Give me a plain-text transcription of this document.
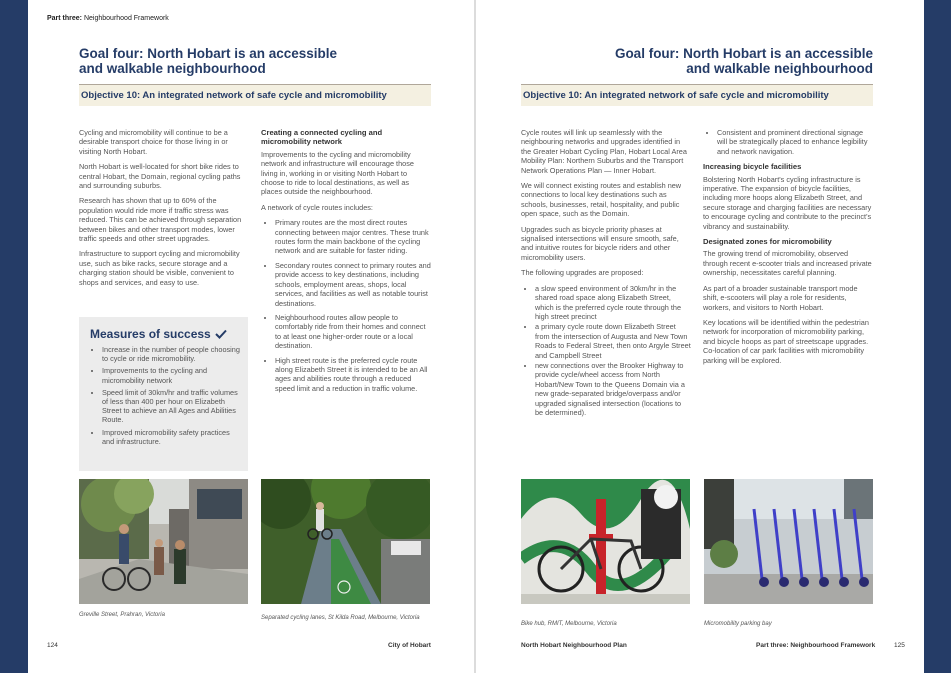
Part three: Neighbourhood Framework
Goal four: North Hobart is an accessible and walkable neighbourhood
Objective 10: An integrated network of safe cycle and micromobility

Cycling and micromobility will continue to be a desirable transport choice for those living in or visiting North Hobart.

North Hobart is well-located for short bike rides to central Hobart, the Domain, regional cycling paths and surrounding suburbs.

Research has shown that up to 60% of the population would ride more if traffic stress was reduced. This can be achieved through separation between bikes and other transport modes, lower traffic speeds and other street upgrades.

Infrastructure to support cycling and micromobility use, such as bike racks, secure storage and a charging station should be visible, convenient to shops and services, and easy to use.

Measures of success
• Increase in the number of people choosing to cycle or ride micromobility.
• Improvements to the cycling and micromobility network
• Speed limit of 30km/hr and traffic volumes of less than 400 per hour on Elizabeth Street to achieve an All Ages and Abilities Route.
• Improved micromobility safety practices and infrastructure.
Creating a connected cycling and micromobility network

Improvements to the cycling and micromobility network and infrastructure will encourage those living in, working in or visiting North Hobart to choose to ride to local destinations, as well as places outside the neighbourhood.

A network of cycle routes includes:

• Primary routes are the most direct routes connecting between major centres. These trunk routes form the main backbone of the cycling network and are suitable for faster riding.
• Secondary routes connect to primary routes and provide access to key destinations, including schools, employment areas, shops, local services, and facilities as well as notable tourist destinations.
• Neighbourhood routes allow people to comfortably ride from their homes and connect to at least one higher-order route or a local destination.
• High street route is the preferred cycle route along Elizabeth Street it is intended to be an All ages and abilities route through a reduced speed limit and a reduction in traffic volume.
Greville Street, Prahran, Victoria	Separated cycling lanes, St Kilda Road, Melbourne, Victoria
124	City of Hobart
Goal four: North Hobart is an accessible and walkable neighbourhood
Objective 10: An integrated network of safe cycle and micromobility

Cycle routes will link up seamlessly with the neighbouring networks and upgrades identified in the Greater Hobart Cycling Plan, Hobart Local Area Mobility Plan: Northern Suburbs and the Transport Network Operations Plan — Inner Hobart.

We will connect existing routes and establish new connections to local key destinations such as schools, businesses, retail, hospitality, and public open space, such as the Domain.

Upgrades such as bicycle priority phases at signalised intersections will ensure smooth, safe, and intuitive routes for bicycle riders and other micromobility users.

The following upgrades are proposed:

• a slow speed environment of 30km/hr in the shared road space along Elizabeth Street, which is the preferred cycle route through the high street precinct
• a primary cycle route down Elizabeth Street from the intersection of Augusta and New Town Roads to Federal Street, then onto Argyle Street and Campbell Street
• new connections over the Brooker Highway to provide cycle/wheel access from North Hobart/New Town to the Queens Domain via a new grade-separated bridge/overpass and/or upgraded signalised intersection (locations to be determined).
• Consistent and prominent directional signage will be strategically placed to enhance legibility and network navigation.
Increasing bicycle facilities

Bolstering North Hobart's cycling infrastructure is imperative. The expansion of bicycle facilities, including more hoops along Elizabeth Street, and secure storage and charging facilities are necessary to encourage cycling and contribute to the precinct's vibrancy and sustainability.

Designated zones for micromobility

The growing trend of micromobility, observed through recent e-scooter trials and increased private ownership, necessitates careful planning.

As part of a broader sustainable transport mode shift, e-scooters will play a role for residents, workers, and visitors to North Hobart.

Key locations will be identified within the pedestrian network for incorporation of micromobility parking, and bicycle hoops as part of streetscape upgrades. Co-location of car park facilities with micromobility parking will be explored.

Bike hub, RMIT, Melbourne, Victoria	Micromobility parking bay
North Hobart Neighbourhood Plan	Part three: Neighbourhood Framework	125
